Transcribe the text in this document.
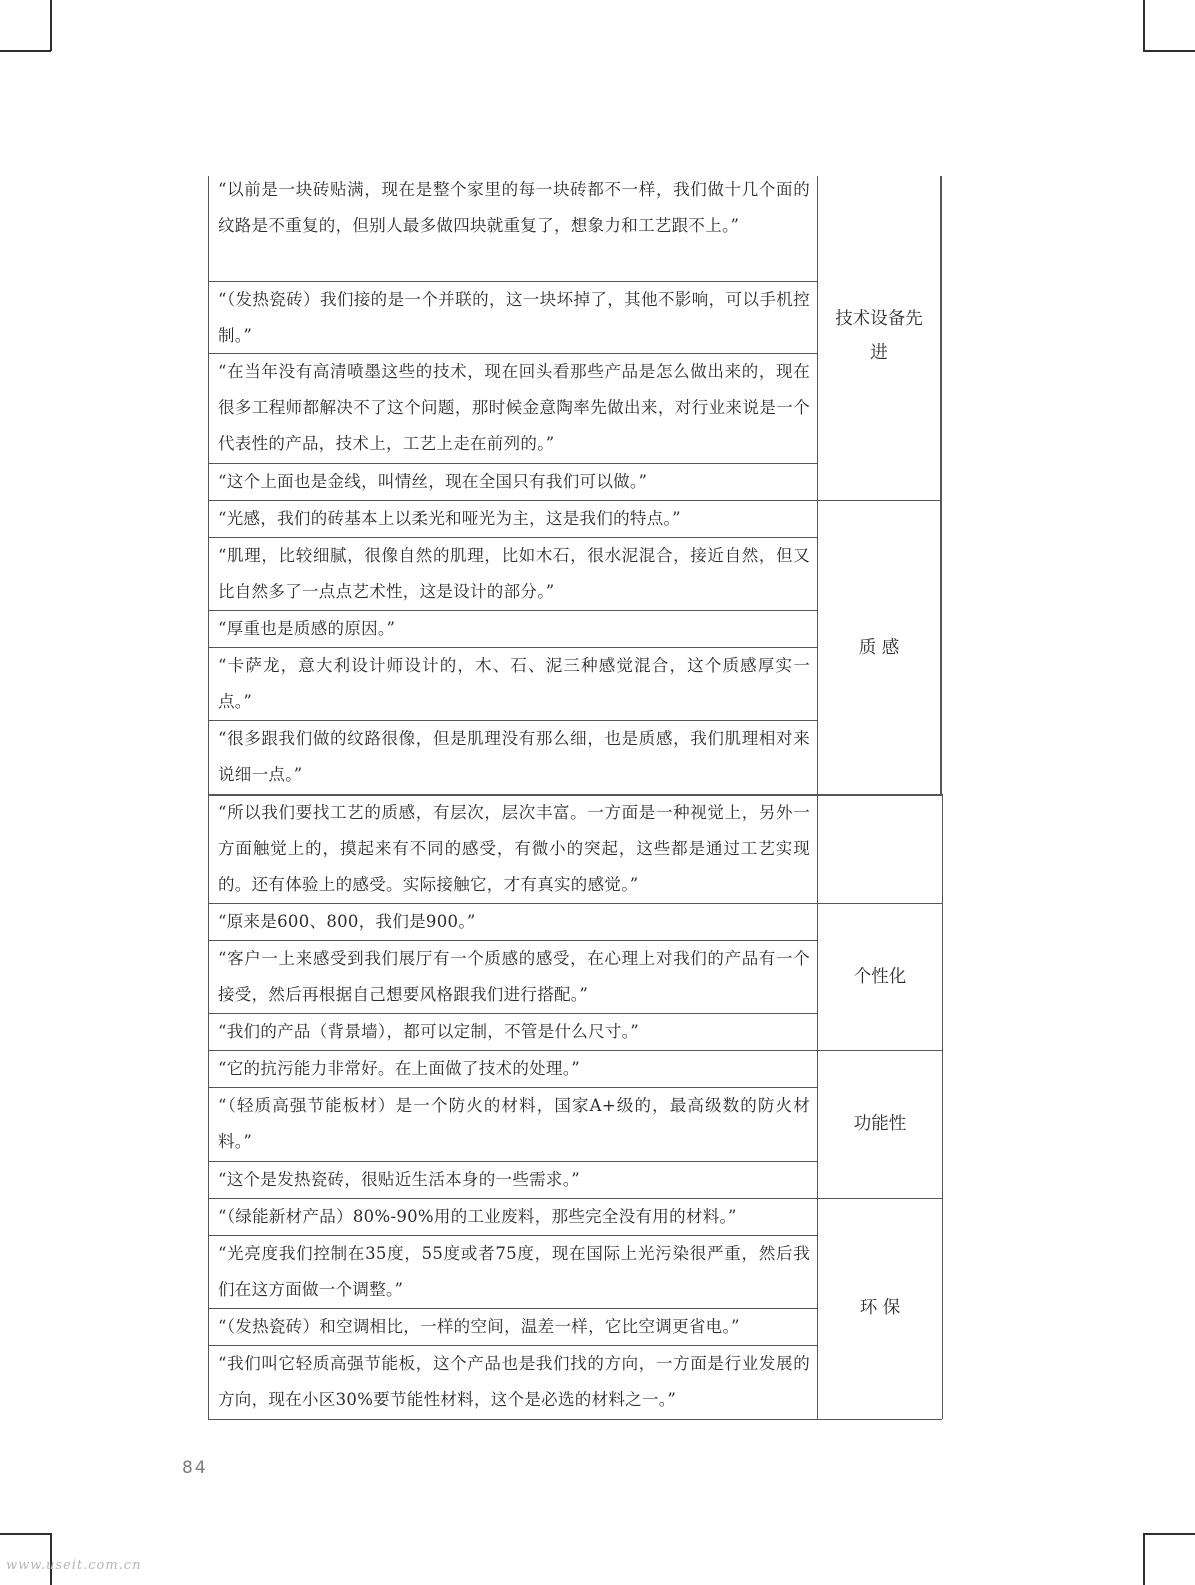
“以前是一块砖贴满，现在是整个家里的每一块砖都不一样，我们做十几个面的纹路是不重复的，但别人最多做四块就重复了，想象力和工艺跟不上。”
“（发热瓷砖）我们接的是一个并联的，这一块坏掉了，其他不影响，可以手机控制。”
“在当年没有高清喷墨这些的技术，现在回头看那些产品是怎么做出来的，现在很多工程师都解决不了这个问题，那时候金意陶率先做出来，对行业来说是一个代表性的产品，技术上，工艺上走在前列的。”
“这个上面也是金线，叫情丝，现在全国只有我们可以做。”
“光感，我们的砖基本上以柔光和哑光为主，这是我们的特点。”
“肌理，比较细腻，很像自然的肌理，比如木石，很水泥混合，接近自然，但又比自然多了一点点艺术性，这是设计的部分。”
“厚重也是质感的原因。”
“卡萨龙，意大利设计师设计的，木、石、泥三种感觉混合，这个质感厚实一点。”
“很多跟我们做的纹路很像，但是肌理没有那么细，也是质感，我们肌理相对来说细一点。”
“所以我们要找工艺的质感，有层次，层次丰富。一方面是一种视觉上，另外一方面触觉上的，摸起来有不同的感受，有微小的突起，这些都是通过工艺实现的。还有体验上的感受。实际接触它，才有真实的感觉。”
“原来是600、800，我们是900。”
“客户一上来感受到我们展厅有一个质感的感受，在心理上对我们的产品有一个接受，然后再根据自己想要风格跟我们进行搭配。”
“我们的产品（背景墙），都可以定制，不管是什么尺寸。”
“它的抗污能力非常好。在上面做了技术的处理。”
“（轻质高强节能板材）是一个防火的材料，国家A+级的，最高级数的防火材料。”
“这个是发热瓷砖，很贴近生活本身的一些需求。”
“（绿能新材产品）80%-90%用的工业废料，那些完全没有用的材料。”
“光亮度我们控制在35度，55度或者75度，现在国际上光污染很严重，然后我们在这方面做一个调整。”
“（发热瓷砖）和空调相比，一样的空间，温差一样，它比空调更省电。”
“我们叫它轻质高强节能板，这个产品也是我们找的方向，一方面是行业发展的方向，现在小区30%要节能性材料，这个是必选的材料之一。”
技术设备先进
质 感
个性化
功能性
环 保
84
www.useit.com.cn
